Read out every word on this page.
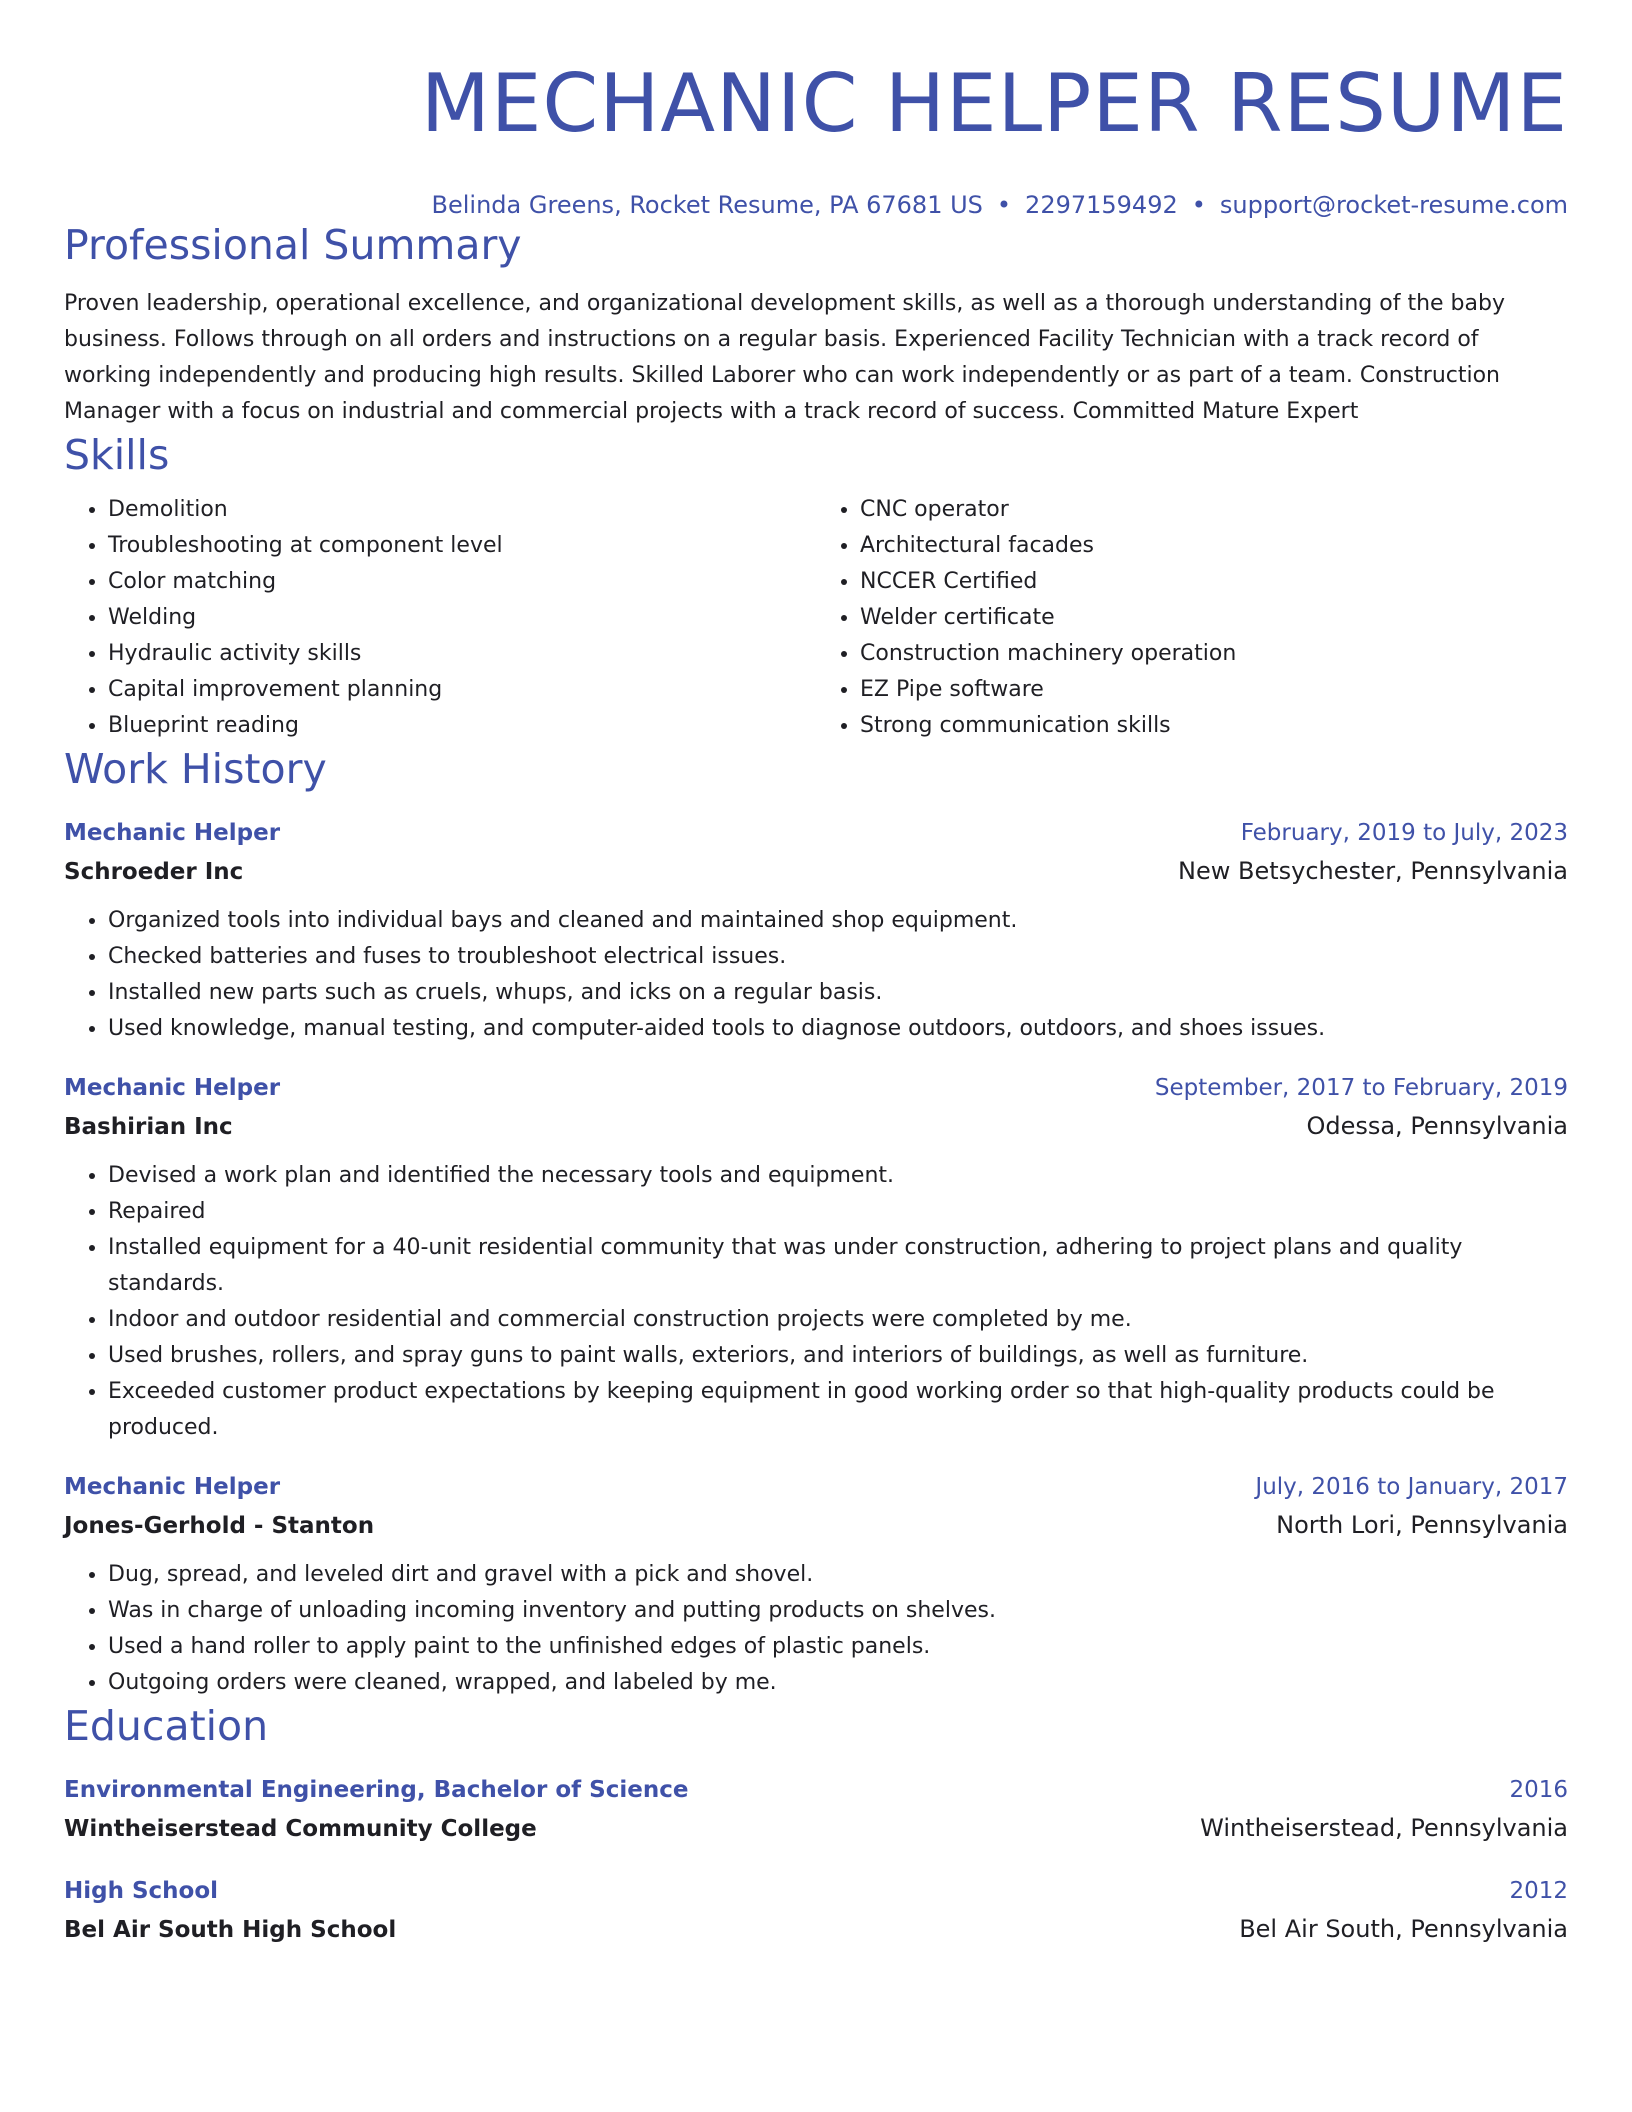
MECHANIC HELPER RESUME
Belinda Greens, Rocket Resume, PA 67681 US • 2297159492 • support@rocket-resume.com
Professional Summary
Proven leadership, operational excellence, and organizational development skills, as well as a thorough understanding of the baby business. Follows through on all orders and instructions on a regular basis. Experienced Facility Technician with a track record of working independently and producing high results. Skilled Laborer who can work independently or as part of a team. Construction Manager with a focus on industrial and commercial projects with a track record of success. Committed Mature Expert
Skills
• Demolition
• Troubleshooting at component level
• Color matching
• Welding
• Hydraulic activity skills
• Capital improvement planning
• Blueprint reading
• CNC operator
• Architectural facades
• NCCER Certified
• Welder certificate
• Construction machinery operation
• EZ Pipe software
• Strong communication skills
Work History
Mechanic Helper	February, 2019 to July, 2023
Schroeder Inc	New Betsychester, Pennsylvania
• Organized tools into individual bays and cleaned and maintained shop equipment.
• Checked batteries and fuses to troubleshoot electrical issues.
• Installed new parts such as cruels, whups, and icks on a regular basis.
• Used knowledge, manual testing, and computer-aided tools to diagnose outdoors, outdoors, and shoes issues.
Mechanic Helper	September, 2017 to February, 2019
Bashirian Inc	Odessa, Pennsylvania
• Devised a work plan and identified the necessary tools and equipment.
• Repaired
• Installed equipment for a 40-unit residential community that was under construction, adhering to project plans and quality standards.
• Indoor and outdoor residential and commercial construction projects were completed by me.
• Used brushes, rollers, and spray guns to paint walls, exteriors, and interiors of buildings, as well as furniture.
• Exceeded customer product expectations by keeping equipment in good working order so that high-quality products could be produced.
Mechanic Helper	July, 2016 to January, 2017
Jones-Gerhold - Stanton	North Lori, Pennsylvania
• Dug, spread, and leveled dirt and gravel with a pick and shovel.
• Was in charge of unloading incoming inventory and putting products on shelves.
• Used a hand roller to apply paint to the unfinished edges of plastic panels.
• Outgoing orders were cleaned, wrapped, and labeled by me.
Education
Environmental Engineering, Bachelor of Science	2016
Wintheiserstead Community College	Wintheiserstead, Pennsylvania
High School	2012
Bel Air South High School	Bel Air South, Pennsylvania
